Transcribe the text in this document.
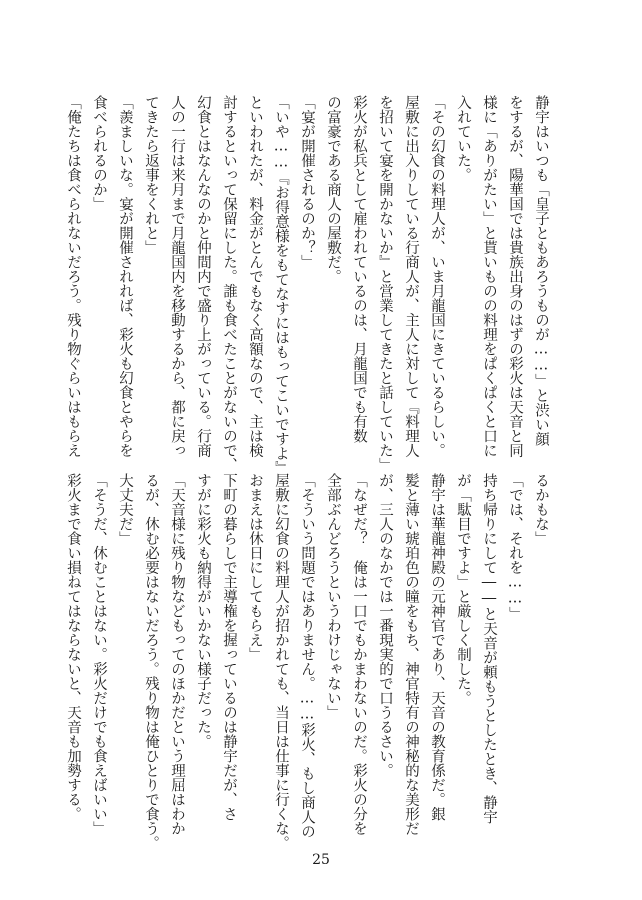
静宇はいつも「皇子ともあろうものが……」と渋い顔

をするが、陽華国では貴族出身のはずの彩火は天音と同

様に「ありがたい」と貰いものの料理をぱくぱくと口に

入れていた。

「その幻食の料理人が、いま月龍国にきているらしい。

屋敷に出入りしている行商人が、主人に対して『料理人

を招いて宴を開かないか』と営業してきたと話していた」

彩火が私兵として雇われているのは、月龍国でも有数

の富豪である商人の屋敷だ。

「宴が開催されるのか？」

「いや……『お得意様をもてなすにはもってこいですよ』

といわれたが、料金がとんでもなく高額なので、主は検

討するといって保留にした。誰も食べたことがないので、

幻食とはなんなのかと仲間内で盛り上がっている。行商

人の一行は来月まで月龍国内を移動するから、都に戻っ

てきたら返事をくれと」

「羨ましいな。宴が開催されれば、彩火も幻食とやらを

食べられるのか」

「俺たちは食べられないだろう。残り物ぐらいはもらえ

るかもな」

「では、それを……」

持ち帰りにして――と天音が頼もうとしたとき、静宇

が「駄目ですよ」と厳しく制した。

静宇は華龍神殿の元神官であり、天音の教育係だ。銀

髪と薄い琥珀色の瞳をもち、神官特有の神秘的な美形だ

が、三人のなかでは一番現実的で口うるさい。

「なぜだ？　俺は一口でもかまわないのだ。彩火の分を

全部ぶんどろうというわけじゃない」

「そういう問題ではありません。……彩火、もし商人の

屋敷に幻食の料理人が招かれても、当日は仕事に行くな。

おまえは休日にしてもらえ」

下町の暮らしで主導権を握っているのは静宇だが、さ

すがに彩火も納得がいかない様子だった。

「天音様に残り物などもってのほかだという理屈はわか

るが、休む必要はないだろう。残り物は俺ひとりで食う。

大丈夫だ」

「そうだ、休むことはない。彩火だけでも食えばいい」

彩火まで食い損ねてはならないと、天音も加勢する。

25
